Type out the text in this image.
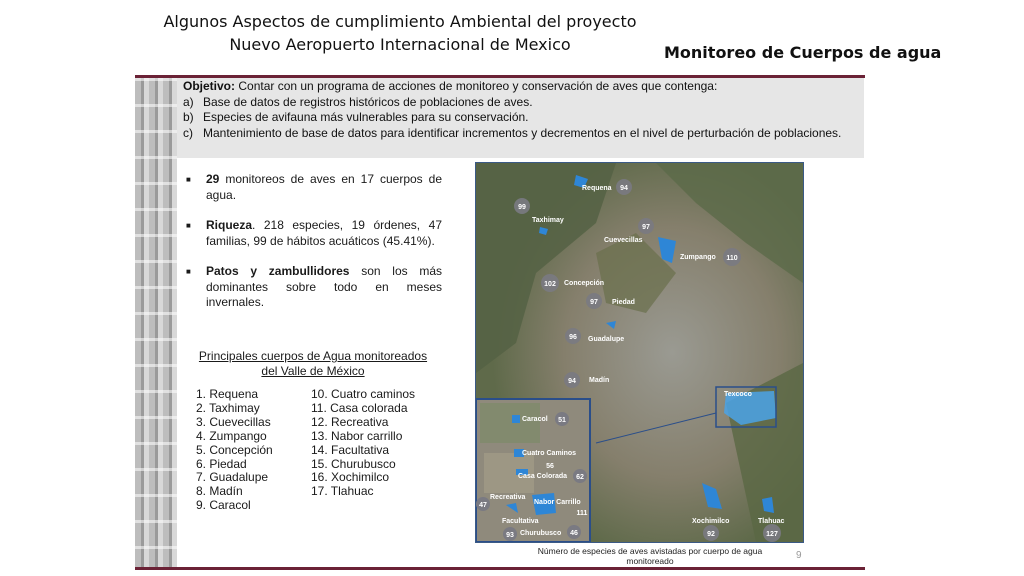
Algunos Aspectos de cumplimiento Ambiental del proyecto
Nuevo Aeropuerto Internacional de Mexico	Monitoreo de Cuerpos de agua

Objetivo: Contar con un programa de acciones de monitoreo y conservación de aves que contenga:

a) Base de datos de registros históricos de poblaciones de aves.
b) Especies de avifauna más vulnerables para su conservación.
c) Mantenimiento de base de datos para identificar incrementos y decrementos en el nivel de perturbación de poblaciones.
■	29 monitoreos de aves en 17 cuerpos de agua.
■	Riqueza. 218 especies, 19 órdenes, 47 familias, 99 de hábitos acuáticos (45.41%).
■	Patos y zambullidores son los más dominantes sobre todo en meses invernales.
Principales cuerpos de Agua monitoreados
del Valle de México
1. Requena
2. Taxhimay
3. Cuevecillas
4. Zumpango
5. Concepción
6. Piedad
7. Guadalupe
8. Madín
9. Caracol
10. Cuatro caminos
11. Casa colorada
12. Recreativa
13. Nabor carrillo
14. Facultativa
15. Churubusco
16. Xochimilco
17. Tlahuac
94
Requena
99
Taxhimay
97
Cuevecillas
110
Zumpango
102 Concepción
97 Piedad
96 Guadalupe
94 Madín
Texcoco
92
Xochimilco
127
Tlahuac
Caracol 51
Cuatro Caminos
56
Casa Colorada 62
Recreativa
47	Nabor Carrillo
111
Facultativa
46
Churubusco
93
Número de especies de aves avistadas por cuerpo de agua monitoreado	9
